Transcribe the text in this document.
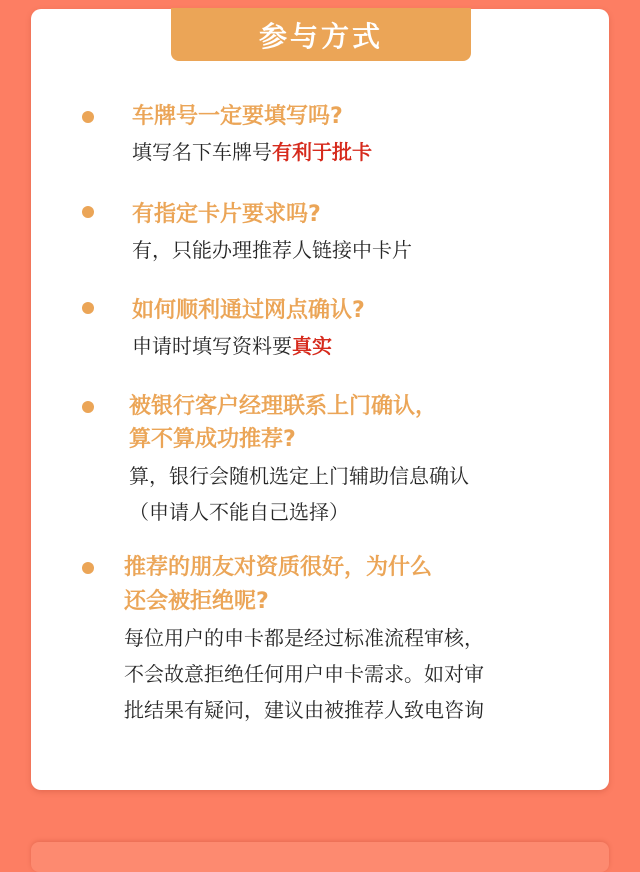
参与方式
车牌号一定要填写吗?
填写名下车牌号有利于批卡
有指定卡片要求吗?
有，只能办理推荐人链接中卡片
如何顺利通过网点确认?
申请时填写资料要真实
被银行客户经理联系上门确认，
算不算成功推荐?
算，银行会随机选定上门辅助信息确认
（申请人不能自己选择）
推荐的朋友对资质很好，为什么
还会被拒绝呢?
每位用户的申卡都是经过标准流程审核，
不会故意拒绝任何用户申卡需求。如对审
批结果有疑问，建议由被推荐人致电咨询
